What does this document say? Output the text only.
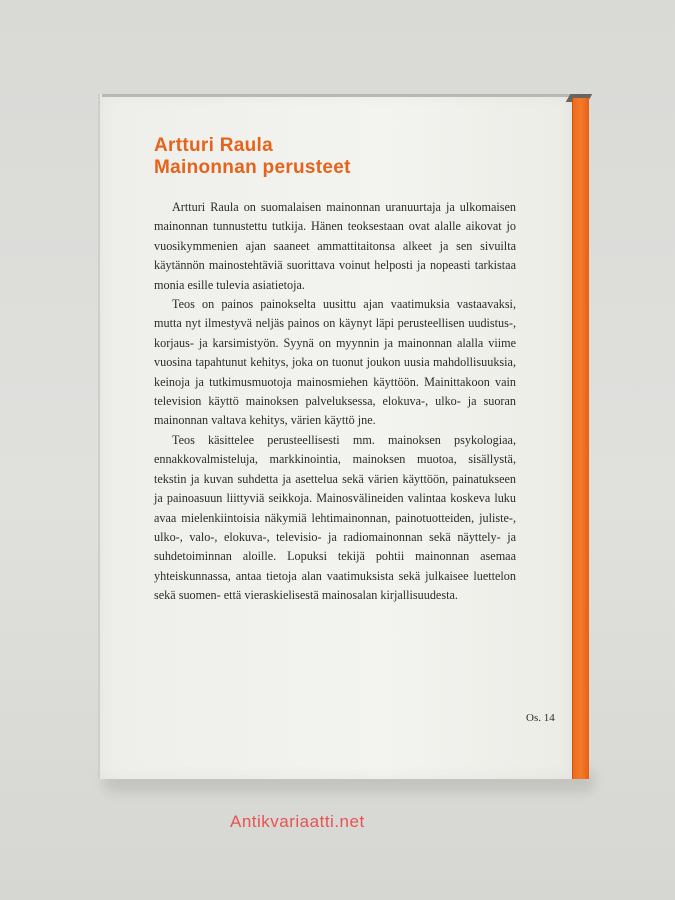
Artturi Raula
Mainonnan perusteet

Artturi Raula on suomalaisen mainonnan uranuurtaja ja ulkomaisen mainonnan tunnustettu tutkija. Hänen teoksestaan ovat alalle aikovat jo vuosikymmenien ajan saaneet ammattitaitonsa alkeet ja sen sivuilta käytännön mainostehtäviä suorittava voinut helposti ja nopeasti tarkistaa monia esille tulevia asiatietoja.

Teos on painos painokselta uusittu ajan vaatimuksia vastaavaksi, mutta nyt ilmestyvä neljäs painos on käynyt läpi perusteellisen uudistus-, korjaus- ja karsimistyön. Syynä on myynnin ja mainonnan alalla viime vuosina tapahtunut kehitys, joka on tuonut joukon uusia mahdollisuuksia, keinoja ja tutkimusmuotoja mainosmiehen käyttöön. Mainittakoon vain television käyttö mainoksen palveluksessa, elokuva-, ulko- ja suoran mainonnan valtava kehitys, värien käyttö jne.

Teos käsittelee perusteellisesti mm. mainoksen psykologiaa, ennakkovalmisteluja, markkinointia, mainoksen muotoa, sisällystä, tekstin ja kuvan suhdetta ja asettelua sekä värien käyttöön, painatukseen ja painoasuun liittyviä seikkoja. Mainosvälineiden valintaa koskeva luku avaa mielenkiintoisia näkymiä lehtimainonnan, painotuotteiden, juliste-, ulko-, valo-, elokuva-, televisio- ja radiomainonnan sekä näyttely- ja suhdetoiminnan aloille. Lopuksi tekijä pohtii mainonnan asemaa yhteiskunnassa, antaa tietoja alan vaatimuksista sekä julkaisee luettelon sekä suomen- että vieraskielisestä mainosalan kirjallisuudesta.

Os. 14
Antikvariaatti.net
